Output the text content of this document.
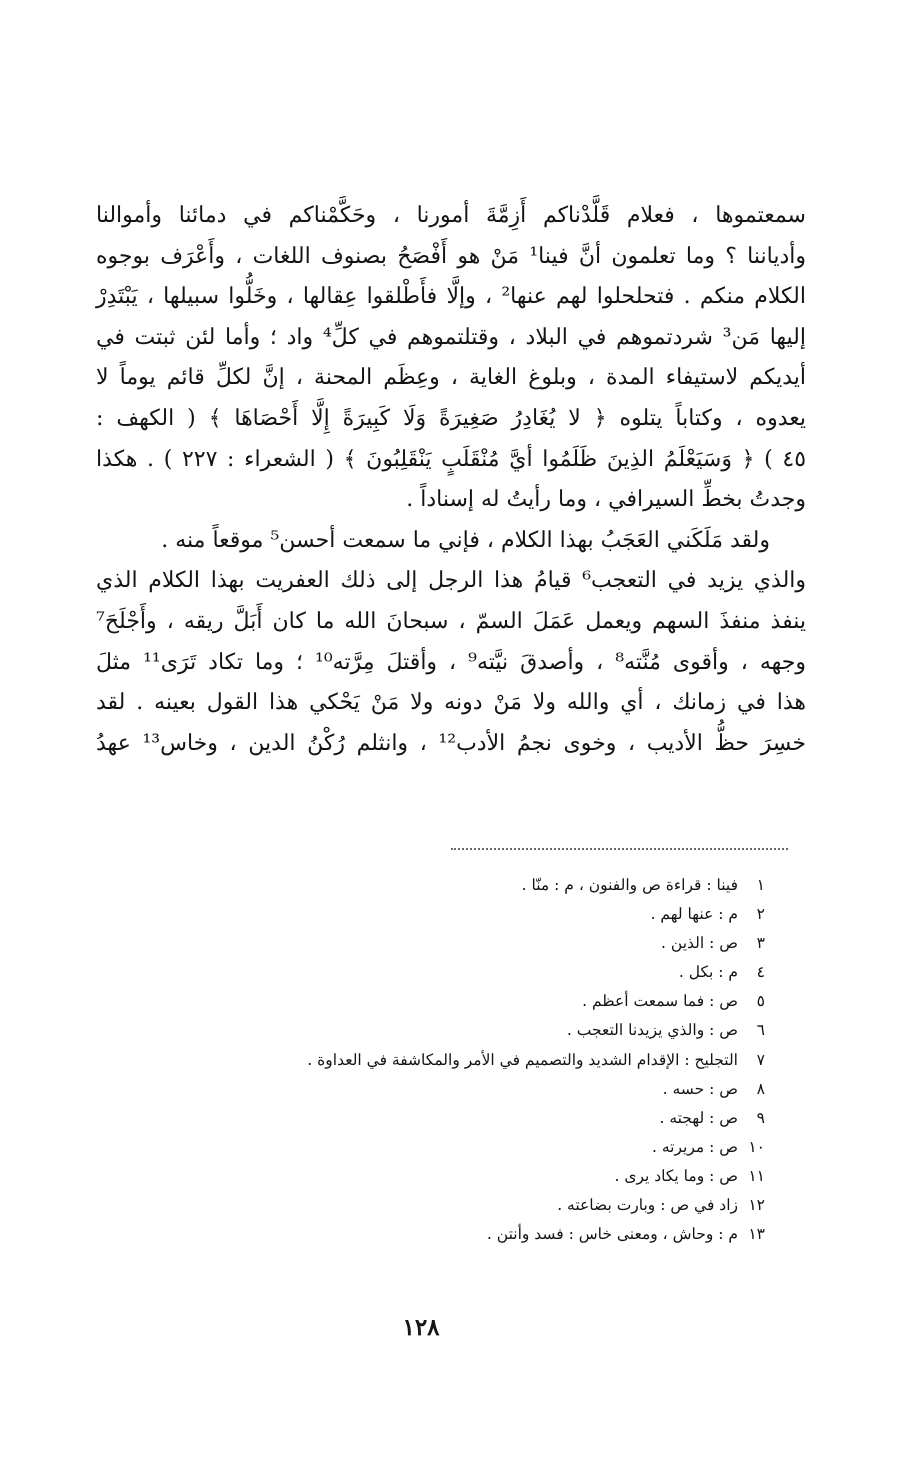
سمعتموها ، فعلام قَلَّدْناكم أَزِمَّةَ أمورنا ، وحَكَّمْناكم في دمائنا وأموالنا
وأدياننا ؟ وما تعلمون أنَّ فينا¹ مَنْ هو أَفْصَحُ بصنوف اللغات ، وأَعْرَف بوجوه
الكلام منكم . فتحلحلوا لهم عنها² ، وإلَّا فأَطْلقوا عِقالها ، وخَلُّوا سبيلها ، يَبْتَدِرْ
إليها مَن³ شردتموهم في البلاد ، وقتلتموهم في كلِّ⁴ واد ؛ وأما لئن ثبتت في
أيديكم لاستيفاء المدة ، وبلوغ الغاية ، وعِظَم المحنة ، إنَّ لكلِّ قائم يوماً لا
يعدوه ، وكتاباً يتلوه ﴿ لا يُغَادِرُ صَغِيرَةً وَلَا كَبِيرَةً إِلَّا أَحْصَاهَا ﴾ ( الكهف :
٤٥ ) ﴿ وَسَيَعْلَمُ الذِينَ ظَلَمُوا أيَّ مُنْقَلَبٍ يَنْقَلِبُونَ ﴾ ( الشعراء : ٢٢٧ ) . هكذا
وجدتُ بخطِّ السيرافي ، وما رأيتُ له إسناداً .
ولقد مَلَكَني العَجَبُ بهذا الكلام ، فإني ما سمعت أحسن⁵ موقعاً منه .
والذي يزيد في التعجب⁶ قيامُ هذا الرجل إلى ذلك العفريت بهذا الكلام الذي
ينفذ منفذَ السهم ويعمل عَمَلَ السمّ ، سبحانَ الله ما كان أَبَلَّ ريقه ، وأَجْلَحَ⁷
وجهه ، وأقوى مُنَّته⁸ ، وأصدقَ نيَّته⁹ ، وأقتلَ مِرَّته¹⁰ ؛ وما تكاد تَرَى¹¹ مثلَ
هذا في زمانك ، أي والله ولا مَنْ دونه ولا مَنْ يَحْكي هذا القول بعينه . لقد
خسِرَ حظُّ الأديب ، وخوى نجمُ الأدب¹² ، وانثلم رُكْنُ الدين ، وخاس¹³ عهدُ
١
فينا : قراءة ص والفنون ، م : منّا .
٢
م : عنها لهم .
٣
ص : الذين .
٤
م : بكل .
٥
ص : فما سمعت أعظم .
٦
ص : والذي يزيدنا التعجب .
٧
التجليح : الإقدام الشديد والتصميم في الأمر والمكاشفة في العداوة .
٨
ص : حسه .
٩
ص : لهجته .
١٠
ص : مريرته .
١١
ص : وما يكاد يرى .
١٢
زاد في ص : وبارت بضاعته .
١٣
م : وحاش ، ومعنى خاس : فسد وأنتن .
١٢٨
